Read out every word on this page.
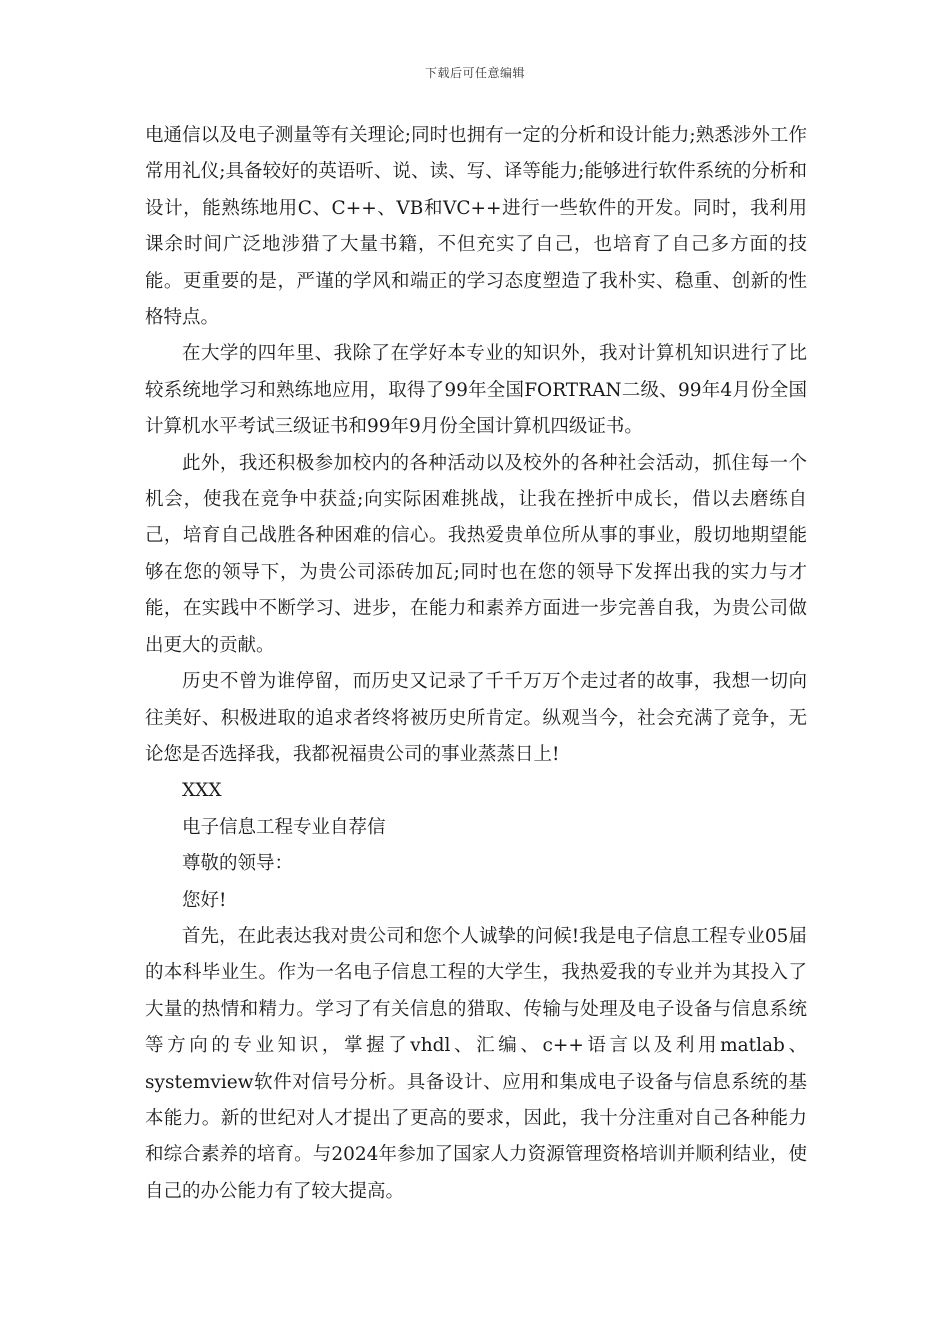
下载后可任意编辑

电通信以及电子测量等有关理论;同时也拥有一定的分析和设计能力;熟悉涉外工作常用礼仪;具备较好的英语听、说、读、写、译等能力;能够进行软件系统的分析和设计，能熟练地用C、C++、VB和VC++进行一些软件的开发。同时，我利用课余时间广泛地涉猎了大量书籍，不但充实了自己，也培育了自己多方面的技能。更重要的是，严谨的学风和端正的学习态度塑造了我朴实、稳重、创新的性格特点。

在大学的四年里、我除了在学好本专业的知识外，我对计算机知识进行了比较系统地学习和熟练地应用，取得了99年全国FORTRAN二级、99年4月份全国计算机水平考试三级证书和99年9月份全国计算机四级证书。

此外，我还积极参加校内的各种活动以及校外的各种社会活动，抓住每一个机会，使我在竞争中获益;向实际困难挑战，让我在挫折中成长，借以去磨练自己，培育自己战胜各种困难的信心。我热爱贵单位所从事的事业，殷切地期望能够在您的领导下，为贵公司添砖加瓦;同时也在您的领导下发挥出我的实力与才能，在实践中不断学习、进步，在能力和素养方面进一步完善自我，为贵公司做出更大的贡献。

历史不曾为谁停留，而历史又记录了千千万万个走过者的故事，我想一切向往美好、积极进取的追求者终将被历史所肯定。纵观当今，社会充满了竞争，无论您是否选择我，我都祝福贵公司的事业蒸蒸日上!

XXX

电子信息工程专业自荐信

尊敬的领导：

您好!

首先，在此表达我对贵公司和您个人诚挚的问候!我是电子信息工程专业05届的本科毕业生。作为一名电子信息工程的大学生，我热爱我的专业并为其投入了大量的热情和精力。学习了有关信息的猎取、传输与处理及电子设备与信息系统等方向的专业知识，掌握了vhdl、汇编、c++语言以及利用matlab、systemview软件对信号分析。具备设计、应用和集成电子设备与信息系统的基本能力。新的世纪对人才提出了更高的要求，因此，我十分注重对自己各种能力和综合素养的培育。与2024年参加了国家人力资源管理资格培训并顺利结业，使自己的办公能力有了较大提高。
